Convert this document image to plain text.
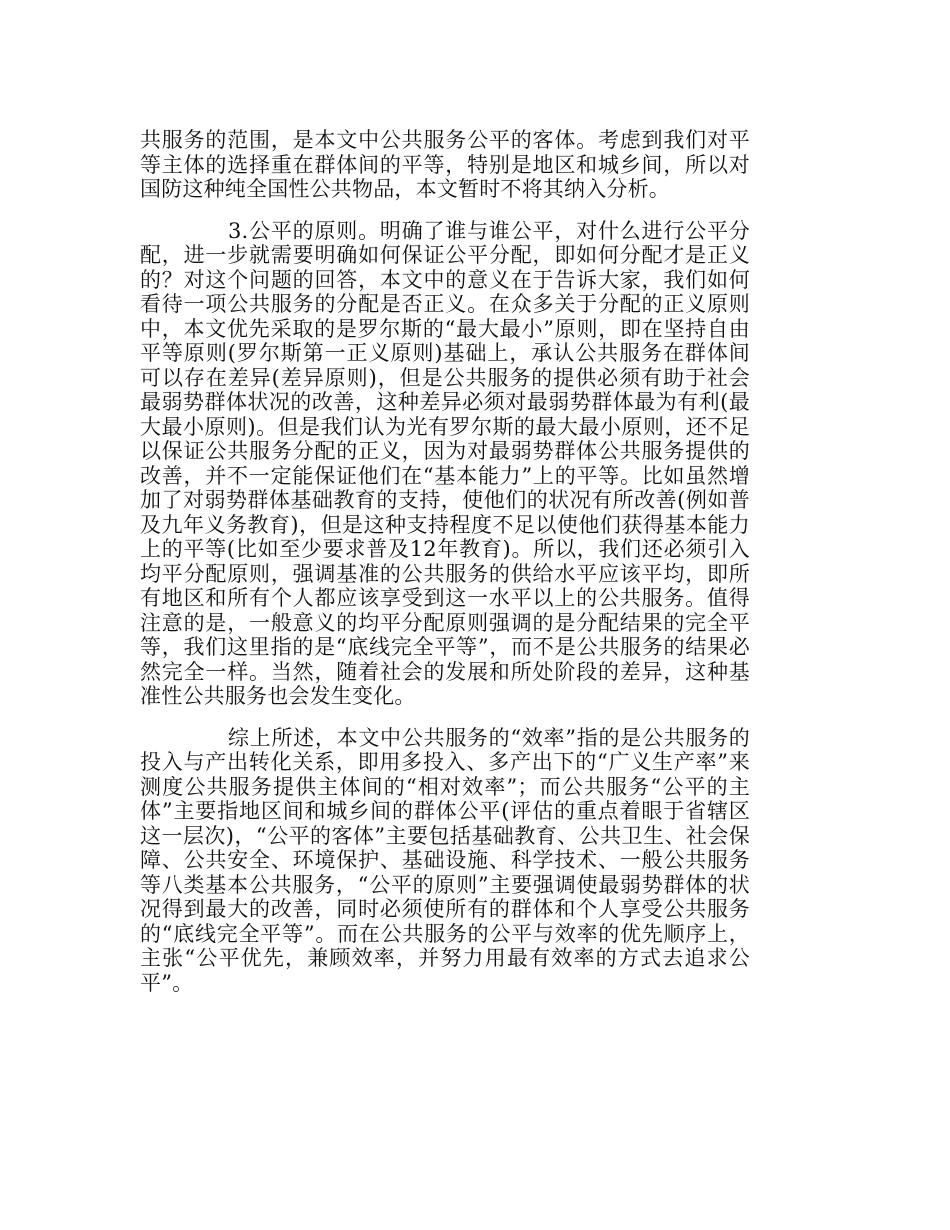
共服务的范围，是本文中公共服务公平的客体。考虑到我们对平等主体的选择重在群体间的平等，特别是地区和城乡间，所以对国防这种纯全国性公共物品，本文暂时不将其纳入分析。

3.公平的原则。明确了谁与谁公平，对什么进行公平分配，进一步就需要明确如何保证公平分配，即如何分配才是正义的？对这个问题的回答，本文中的意义在于告诉大家，我们如何看待一项公共服务的分配是否正义。在众多关于分配的正义原则中，本文优先采取的是罗尔斯的“最大最小”原则，即在坚持自由平等原则(罗尔斯第一正义原则)基础上，承认公共服务在群体间可以存在差异(差异原则)，但是公共服务的提供必须有助于社会最弱势群体状况的改善，这种差异必须对最弱势群体最为有利(最大最小原则)。但是我们认为光有罗尔斯的最大最小原则，还不足以保证公共服务分配的正义，因为对最弱势群体公共服务提供的改善，并不一定能保证他们在“基本能力”上的平等。比如虽然增加了对弱势群体基础教育的支持，使他们的状况有所改善(例如普及九年义务教育)，但是这种支持程度不足以使他们获得基本能力上的平等(比如至少要求普及12年教育)。所以，我们还必须引入均平分配原则，强调基准的公共服务的供给水平应该平均，即所有地区和所有个人都应该享受到这一水平以上的公共服务。值得注意的是，一般意义的均平分配原则强调的是分配结果的完全平等，我们这里指的是“底线完全平等”，而不是公共服务的结果必然完全一样。当然，随着社会的发展和所处阶段的差异，这种基准性公共服务也会发生变化。

综上所述，本文中公共服务的“效率”指的是公共服务的投入与产出转化关系，即用多投入、多产出下的“广义生产率”来测度公共服务提供主体间的“相对效率”；而公共服务“公平的主体”主要指地区间和城乡间的群体公平(评估的重点着眼于省辖区这一层次)，“公平的客体”主要包括基础教育、公共卫生、社会保障、公共安全、环境保护、基础设施、科学技术、一般公共服务等八类基本公共服务，“公平的原则”主要强调使最弱势群体的状况得到最大的改善，同时必须使所有的群体和个人享受公共服务的“底线完全平等”。而在公共服务的公平与效率的优先顺序上，主张“公平优先，兼顾效率，并努力用最有效率的方式去追求公平”。
